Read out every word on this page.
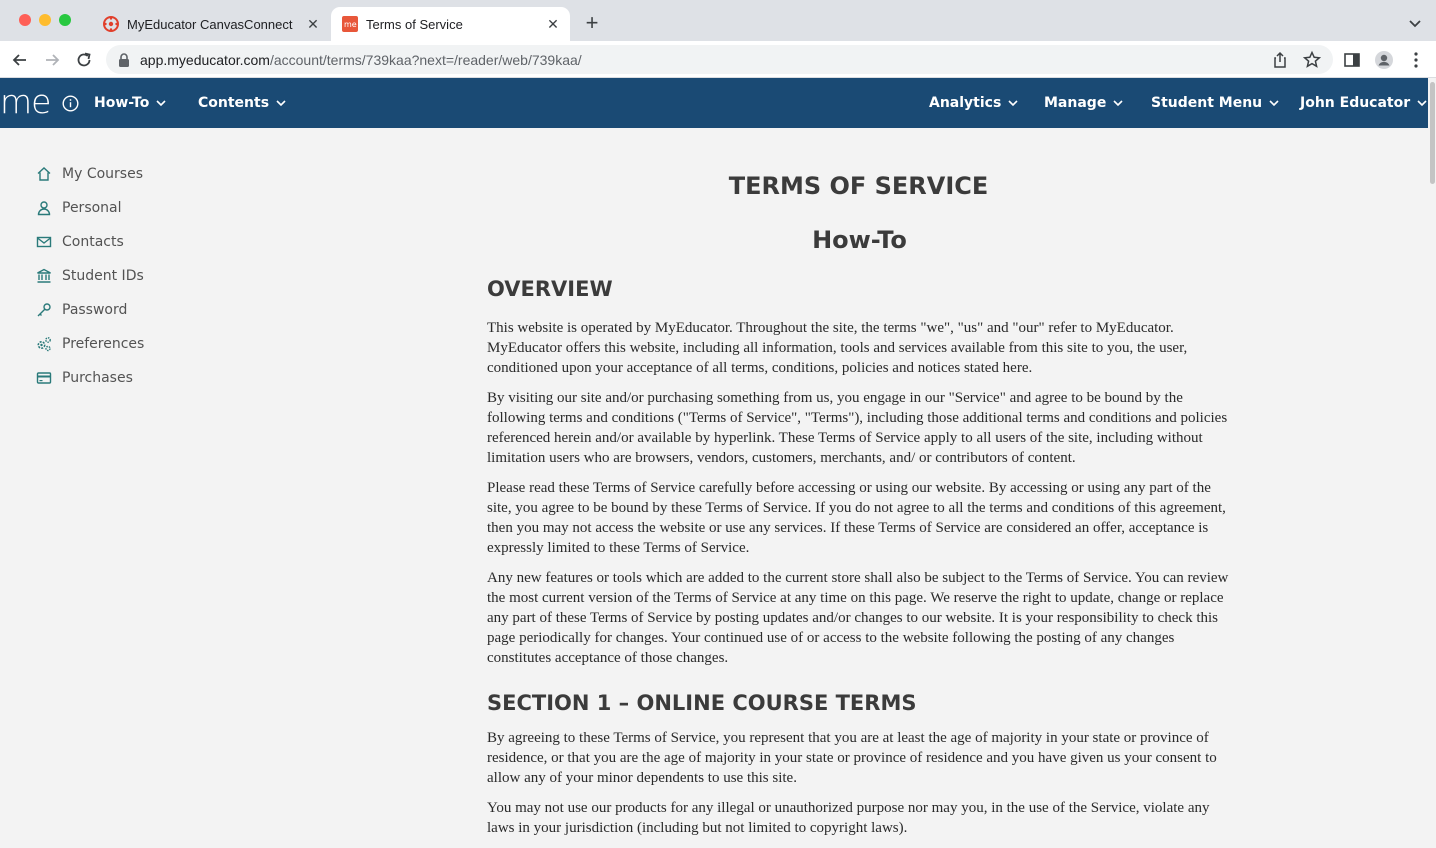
MyEducator CanvasConnect	✕	me Terms of Service	✕ +
app.myeducator.com /account/terms/739kaa?next=/reader/web/739kaa/
me	How-To	Contents	Analytics	Manage	Student Menu	John Educator
My Courses
Personal
Contacts
Student IDs
Password
Preferences
Purchases
TERMS OF SERVICE
How-To
OVERVIEW

This website is operated by MyEducator. Throughout the site, the terms "we", "us" and "our" refer to MyEducator. MyEducator offers this website, including all information, tools and services available from this site to you, the user, conditioned upon your acceptance of all terms, conditions, policies and notices stated here.

By visiting our site and/or purchasing something from us, you engage in our "Service" and agree to be bound by the following terms and conditions ("Terms of Service", "Terms"), including those additional terms and conditions and policies referenced herein and/or available by hyperlink. These Terms of Service apply to all users of the site, including without limitation users who are browsers, vendors, customers, merchants, and/ or contributors of content.

Please read these Terms of Service carefully before accessing or using our website. By accessing or using any part of the site, you agree to be bound by these Terms of Service. If you do not agree to all the terms and conditions of this agreement, then you may not access the website or use any services. If these Terms of Service are considered an offer, acceptance is expressly limited to these Terms of Service.

Any new features or tools which are added to the current store shall also be subject to the Terms of Service. You can review the most current version of the Terms of Service at any time on this page. We reserve the right to update, change or replace any part of these Terms of Service by posting updates and/or changes to our website. It is your responsibility to check this page periodically for changes. Your continued use of or access to the website following the posting of any changes constitutes acceptance of those changes.

SECTION 1 – ONLINE COURSE TERMS

By agreeing to these Terms of Service, you represent that you are at least the age of majority in your state or province of residence, or that you are the age of majority in your state or province of residence and you have given us your consent to allow any of your minor dependents to use this site.

You may not use our products for any illegal or unauthorized purpose nor may you, in the use of the Service, violate any laws in your jurisdiction (including but not limited to copyright laws).
